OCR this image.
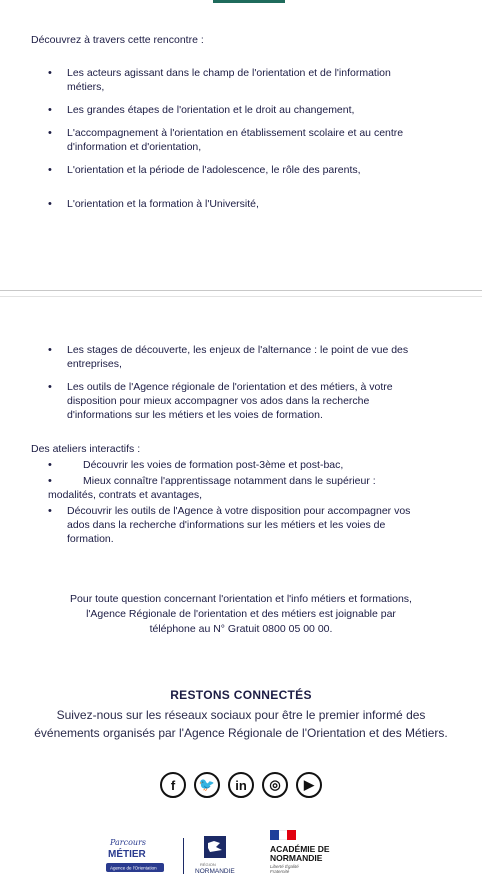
Découvrez à travers cette rencontre :
• Les acteurs agissant dans le champ de l'orientation et de l'information métiers,
• Les grandes étapes de l'orientation et le droit au changement,
• L'accompagnement à l'orientation en établissement scolaire et au centre d'information et d'orientation,
• L'orientation et la période de l'adolescence, le rôle des parents,
• L'orientation et la formation à l'Université,
• Les stages de découverte, les enjeux de l'alternance : le point de vue des entreprises,
• Les outils de l'Agence régionale de l'orientation et des métiers, à votre disposition pour mieux accompagner vos ados dans la recherche d'informations sur les métiers et les voies de formation.
Des ateliers interactifs :
• Découvrir les voies de formation post-3ème et post-bac,
• Mieux connaître l'apprentissage notamment dans le supérieur :
modalités, contrats et avantages,
• Découvrir les outils de l'Agence à votre disposition pour accompagner vos ados dans la recherche d'informations sur les métiers et les voies de formation.
Pour toute question concernant l'orientation et l'info métiers et formations,
l'Agence Régionale de l'orientation et des métiers est joignable par
téléphone au N° Gratuit 0800 05 00 00.
RESTONS CONNECTÉS
Suivez-nous sur les réseaux sociaux pour être le premier informé des événements organisés par l'Agence Régionale de l'Orientation et des Métiers.
f	🐦	in	◎	▶
Parcours
MÉTIER
Agence de l'Orientation
RÉGION
NORMANDIE
ACADÉMIE DE NORMANDIE
Liberté Égalité Fraternité
